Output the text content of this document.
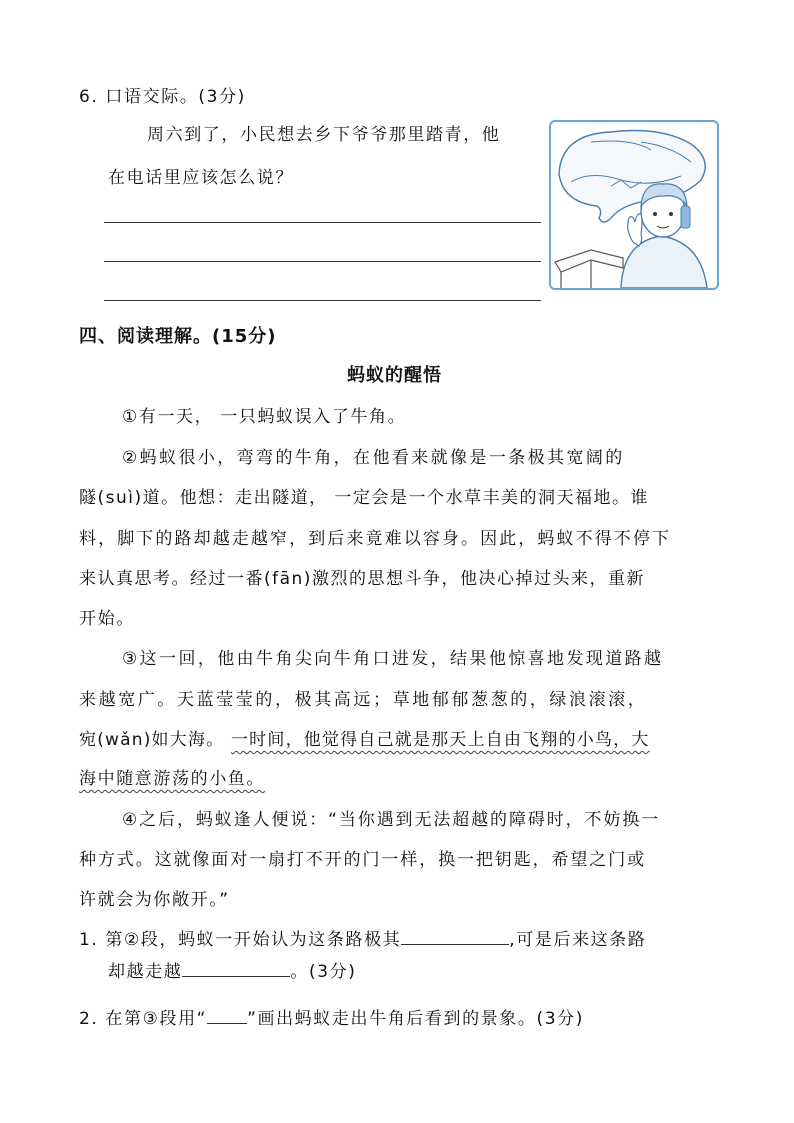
6. 口语交际。(3分)
周六到了，小民想去乡下爷爷那里踏青，他
在电话里应该怎么说？
四、阅读理解。(15分)
蚂蚁的醒悟
①有一天， 一只蚂蚁误入了牛角。
②蚂蚁很小，弯弯的牛角，在他看来就像是一条极其宽阔的
隧(suì)道。他想：走出隧道， 一定会是一个水草丰美的洞天福地。谁
料，脚下的路却越走越窄，到后来竟难以容身。因此，蚂蚁不得不停下
来认真思考。经过一番(fān)激烈的思想斗争，他决心掉过头来，重新
开始。
③这一回，他由牛角尖向牛角口进发，结果他惊喜地发现道路越
来越宽广。天蓝莹莹的，极其高远；草地郁郁葱葱的，绿浪滚滚，
宛(wǎn)如大海。 一时间，他觉得自己就是那天上自由飞翔的小鸟，大
海中随意游荡的小鱼。
④之后，蚂蚁逢人便说：“当你遇到无法超越的障碍时，不妨换一
种方式。这就像面对一扇打不开的门一样，换一把钥匙，希望之门或
许就会为你敞开。”
1. 第②段，蚂蚁一开始认为这条路极其	,可是后来这条路
却越走越	。(3分)
2. 在第③段用“ ”画出蚂蚁走出牛角后看到的景象。(3分)
